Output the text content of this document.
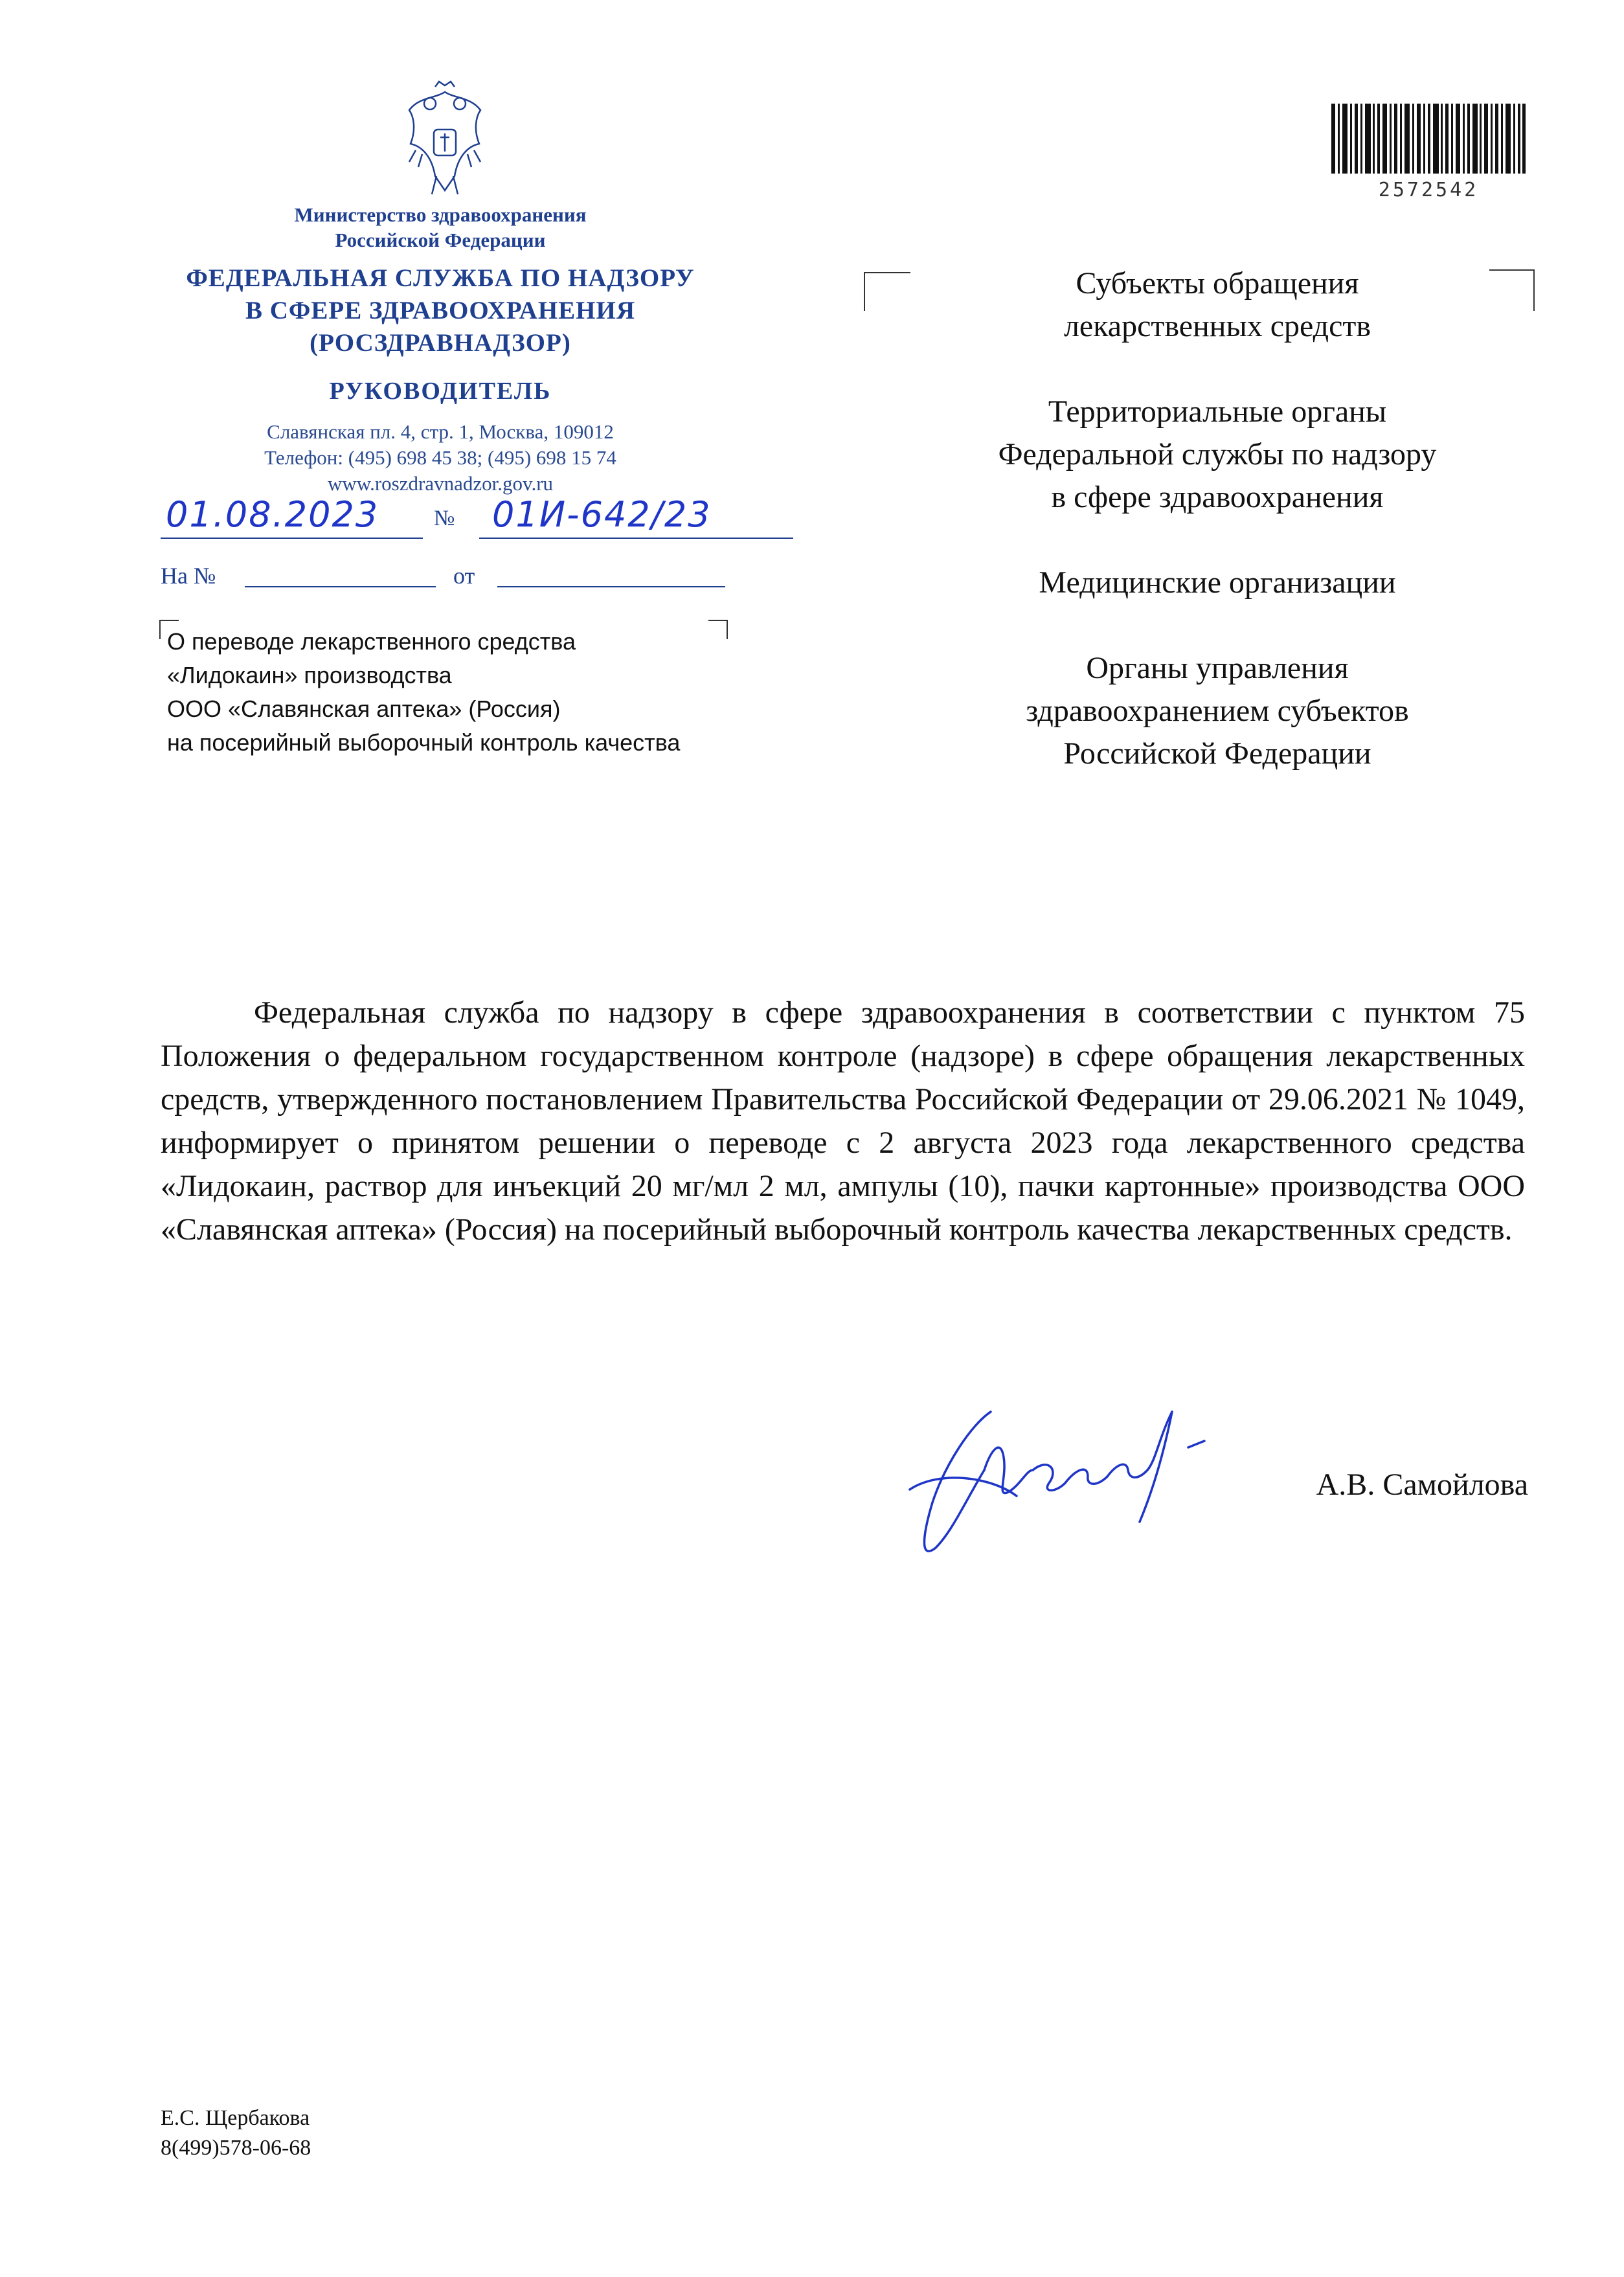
Министерство здравоохранения
Российской Федерации
ФЕДЕРАЛЬНАЯ СЛУЖБА ПО НАДЗОРУ
В СФЕРЕ ЗДРАВООХРАНЕНИЯ
(РОСЗДРАВНАДЗОР)
РУКОВОДИТЕЛЬ
Славянская пл. 4, стр. 1, Москва, 109012
Телефон: (495) 698 45 38; (495) 698 15 74
www.roszdravnadzor.gov.ru
01.08.2023	№	01И-642/23
На №	от
О переводе лекарственного средства
«Лидокаин» производства
ООО «Славянская аптека» (Россия)
на посерийный выборочный контроль качества

Субъекты обращения
лекарственных средств

Территориальные органы
Федеральной службы по надзору
в сфере здравоохранения

Медицинские организации

Органы управления
здравоохранением субъектов
Российской Федерации

2572542

Федеральная служба по надзору в сфере здравоохранения в соответствии с пунктом 75 Положения о федеральном государственном контроле (надзоре) в сфере обращения лекарственных средств, утвержденного постановлением Правительства Российской Федерации от 29.06.2021 № 1049, информирует о принятом решении о переводе с 2 августа 2023 года лекарственного средства «Лидокаин, раствор для инъекций 20 мг/мл 2 мл, ампулы (10), пачки картонные» производства ООО «Славянская аптека» (Россия) на посерийный выборочный контроль качества лекарственных средств.

А.В. Самойлова
Е.С. Щербакова
8(499)578-06-68
